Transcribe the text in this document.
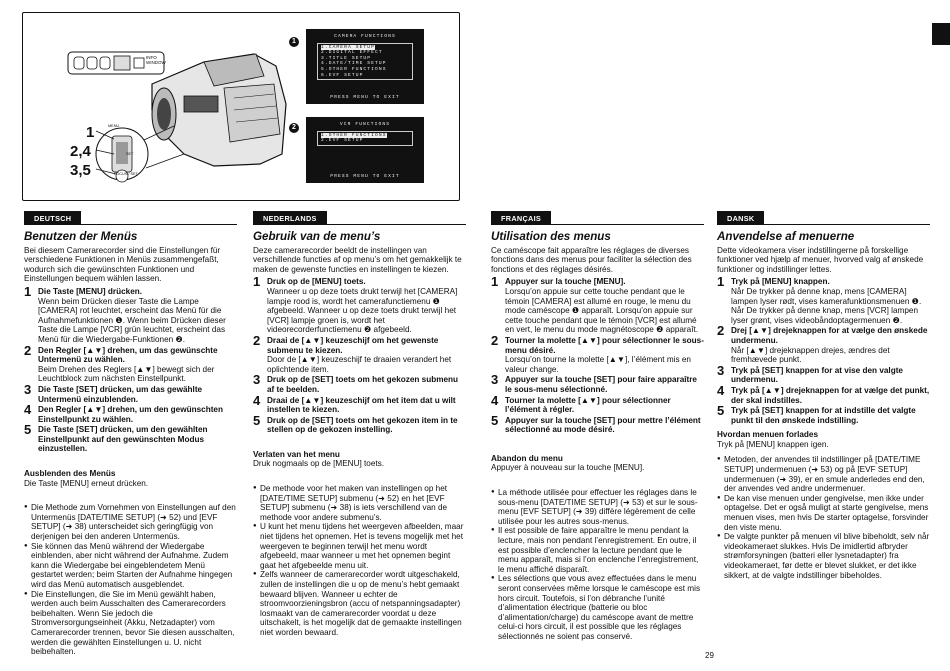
INFO WINDOW
MENU
SET
FOCUS / SET
1
2,4
3,5
1
2
CAMERA FUNCTIONS
1.CAMERA SETUP
2.DIGITAL EFFECT
3.TITLE SETUP
4.DATE/TIME SETUP
5.OTHER FUNCTIONS
6.EVF SETUP
PRESS MENU TO EXIT
VCR FUNCTIONS
1.OTHER FUNCTIONS
2.EVF SETUP
PRESS MENU TO EXIT
DEUTSCH
Benutzen der Menüs

Bei diesem Camerarecorder sind die Einstellungen für verschiedene Funktionen in Menüs zusammengefaßt, wodurch sich die gewünschten Funktionen und Einstellungen bequem wählen lassen.

1 Die Taste [MENU] drücken.
Wenn beim Drücken dieser Taste die Lampe [CAMERA] rot leuchtet, erscheint das Menü für die Aufnahmefunktionen ❶. Wenn beim Drücken dieser Taste die Lampe [VCR] grün leuchtet, erscheint das Menü für die Wiedergabe-Funktionen ❷.
2 Den Regler [▲▼] drehen, um das gewünschte Untermenü zu wählen.
Beim Drehen des Reglers [▲▼] bewegt sich der Leuchtblock zum nächsten Einstellpunkt.
3 Die Taste [SET] drücken, um das gewählte Untermenü einzublenden.
4 Den Regler [▲▼] drehen, um den gewünschten Einstellpunkt zu wählen.
5 Die Taste [SET] drücken, um den gewählten Einstellpunkt auf den gewünschten Modus einzustellen.
Ausblenden des Menüs
Die Taste [MENU] erneut drücken.
● Die Methode zum Vornehmen von Einstellungen auf den Untermenüs [DATE/TIME SETUP] (➜ 52) und [EVF SETUP] (➜ 38) unterscheidet sich geringfügig von derjenigen bei den anderen Untermenüs.
● Sie können das Menü während der Wiedergabe einblenden, aber nicht während der Aufnahme. Zudem kann die Wiedergabe bei eingeblendetem Menü gestartet werden; beim Starten der Aufnahme hingegen wird das Menü automatisch ausgeblendet.
● Die Einstellungen, die Sie im Menü gewählt haben, werden auch beim Ausschalten des Camerarecorders beibehalten. Wenn Sie jedoch die Stromversorgungseinheit (Akku, Netzadapter) vom Camerarecorder trennen, bevor Sie diesen ausschalten, werden die gewählten Einstellungen u. U. nicht beibehalten.
NEDERLANDS
Gebruik van de menu’s

Deze camerarecorder beeldt de instellingen van verschillende functies af op menu’s om het gemakkelijk te maken de gewenste functies en instellingen te kiezen.

1 Druk op de [MENU] toets.
Wanneer u op deze toets drukt terwijl het [CAMERA] lampje rood is, wordt het camerafunctiemenu ❶ afgebeeld. Wanneer u op deze toets drukt terwijl het [VCR] lampje groen is, wordt het videorecorderfunctiemenu ❷ afgebeeld.
2 Draai de [▲▼] keuzeschijf om het gewenste submenu te kiezen.
Door de [▲▼] keuzeschijf te draaien verandert het oplichtende item.
3 Druk op de [SET] toets om het gekozen submenu af te beelden.
4 Draai de [▲▼] keuzeschijf om het item dat u wilt instellen te kiezen.
5 Druk op de [SET] toets om het gekozen item in te stellen op de gekozen instelling.
Verlaten van het menu
Druk nogmaals op de [MENU] toets.
● De methode voor het maken van instellingen op het [DATE/TIME SETUP] submenu (➜ 52) en het [EVF SETUP] submenu (➜ 38) is iets verschillend van de methode voor andere submenu’s.
● U kunt het menu tijdens het weergeven afbeelden, maar niet tijdens het opnemen. Het is tevens mogelijk met het weergeven te beginnen terwijl het menu wordt afgebeeld, maar wanneer u met het opnemen begint gaat het afgebeelde menu uit.
● Zelfs wanneer de camerarecorder wordt uitgeschakeld, zullen de instellingen die u op de menu’s hebt gemaakt bewaard blijven. Wanneer u echter de stroomvoorzieningsbron (accu of netspanningsadapter) losmaakt van de camerarecorder voordat u deze uitschakelt, is het mogelijk dat de gemaakte instellingen niet worden bewaard.
FRANÇAIS
Utilisation des menus

Ce caméscope fait apparaître les réglages de diverses fonctions dans des menus pour faciliter la sélection des fonctions et des réglages désirés.

1 Appuyer sur la touche [MENU].
Lorsqu’on appuie sur cette touche pendant que le témoin [CAMERA] est allumé en rouge, le menu du mode caméscope ❶ apparaît. Lorsqu’on appuie sur cette touche pendant que le témoin [VCR] est allumé en vert, le menu du mode magnétoscope ❷ apparaît.
2 Tourner la molette [▲▼] pour sélectionner le sous-menu désiré.
Lorsqu’on tourne la molette [▲▼], l’élément mis en valeur change.
3 Appuyer sur la touche [SET] pour faire apparaître le sous-menu sélectionné.
4 Tourner la molette [▲▼] pour sélectionner l’élément à régler.
5 Appuyer sur la touche [SET] pour mettre l’élément sélectionné au mode désiré.
Abandon du menu
Appuyer à nouveau sur la touche [MENU].
● La méthode utilisée pour effectuer les réglages dans le sous-menu [DATE/TIME SETUP] (➜ 53) et sur le sous-menu [EVF SETUP] (➜ 39) diffère légèrement de celle utilisée pour les autres sous-menus.
● Il est possible de faire apparaître le menu pendant la lecture, mais non pendant l’enregistrement. En outre, il est possible d’enclencher la lecture pendant que le menu apparaît, mais si l’on enclenche l’enregistrement, le menu affiché disparaît.
● Les sélections que vous avez effectuées dans le menu seront conservées même lorsque le caméscope est mis hors circuit. Toutefois, si l’on débranche l’unité d’alimentation électrique (batterie ou bloc d’alimentation/charge) du caméscope avant de mettre celui-ci hors circuit, il est possible que les réglages sélectionnés ne soient pas conservé.
DANSK
Anvendelse af menuerne

Dette videokamera viser indstillingerne på forskellige funktioner ved hjælp af menuer, hvorved valg af ønskede funktioner og indstillinger lettes.

1 Tryk på [MENU] knappen.
Når De trykker på denne knap, mens [CAMERA] lampen lyser rødt, vises kamerafunktionsmenuen ❶. Når De trykker på denne knap, mens [VCR] lampen lyser grønt, vises videobåndoptagermenuen ❷.
2 Drej [▲▼] drejeknappen for at vælge den ønskede undermenu.
Når [▲▼] drejeknappen drejes, ændres det fremhævede punkt.
3 Tryk på [SET] knappen for at vise den valgte undermenu.
4 Tryk på [▲▼] drejeknappen for at vælge det punkt, der skal indstilles.
5 Tryk på [SET] knappen for at indstille det valgte punkt til den ønskede indstilling.
Hvordan menuen forlades
Tryk på [MENU] knappen igen.
● Metoden, der anvendes til indstillinger på [DATE/TIME SETUP] undermenuen (➜ 53) og på [EVF SETUP] undermenuen (➜ 39), er en smule anderledes end den, der anvendes ved andre undermenuer.
● De kan vise menuen under gengivelse, men ikke under optagelse. Det er også muligt at starte gengivelse, mens menuen vises, men hvis De starter optagelse, forsvinder den viste menu.
● De valgte punkter på menuen vil blive bibeholdt, selv når videokameraet slukkes. Hvis De imidlertid afbryder strømforsyningen (batteri eller lysnetadapter) fra videokameraet, før dette er blevet slukket, er det ikke sikkert, at de valgte indstillinger bibeholdes.
29
